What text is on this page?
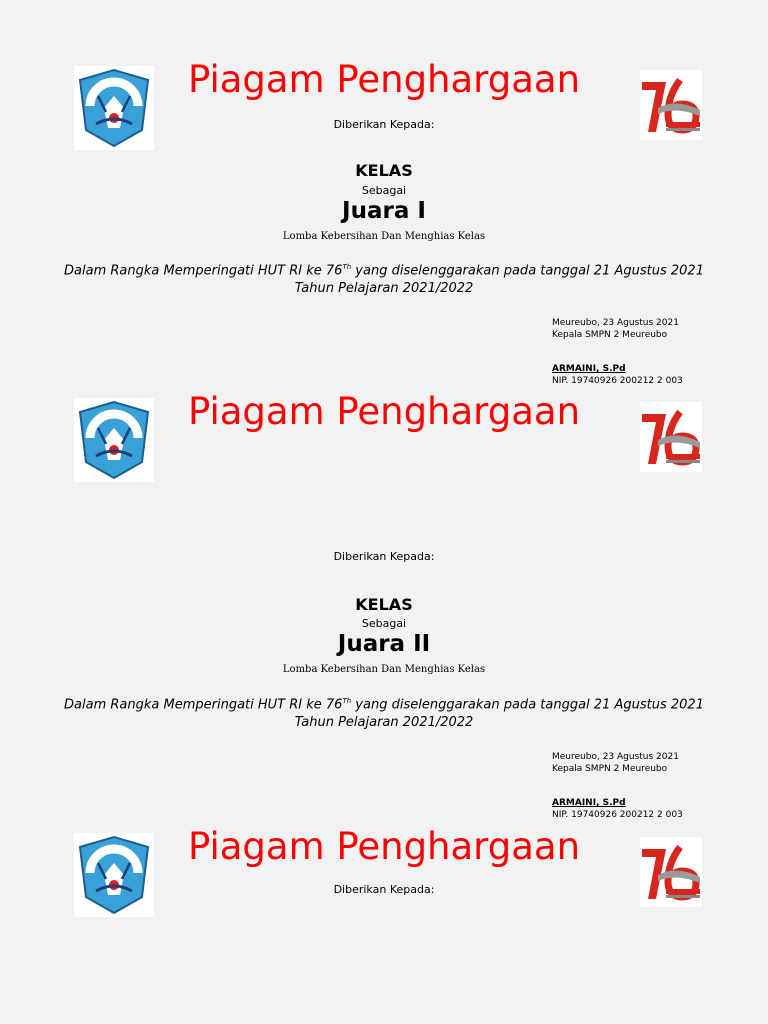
Piagam Penghargaan
Diberikan Kepada:
KELAS
Sebagai
Juara I
Lomba Kebersihan Dan Menghias Kelas
Dalam Rangka Memperingati HUT RI ke 76Th yang diselenggarakan pada tanggal 21 Agustus 2021
Tahun Pelajaran 2021/2022
Meureubo, 23 Agustus 2021
Kepala SMPN 2 Meureubo
ARMAINI, S.Pd
NIP. 19740926 200212 2 003
Piagam Penghargaan
Diberikan Kepada:
KELAS
Sebagai
Juara II
Lomba Kebersihan Dan Menghias Kelas
Dalam Rangka Memperingati HUT RI ke 76Th yang diselenggarakan pada tanggal 21 Agustus 2021
Tahun Pelajaran 2021/2022
Meureubo, 23 Agustus 2021
Kepala SMPN 2 Meureubo
ARMAINI, S.Pd
NIP. 19740926 200212 2 003
Piagam Penghargaan
Diberikan Kepada:
